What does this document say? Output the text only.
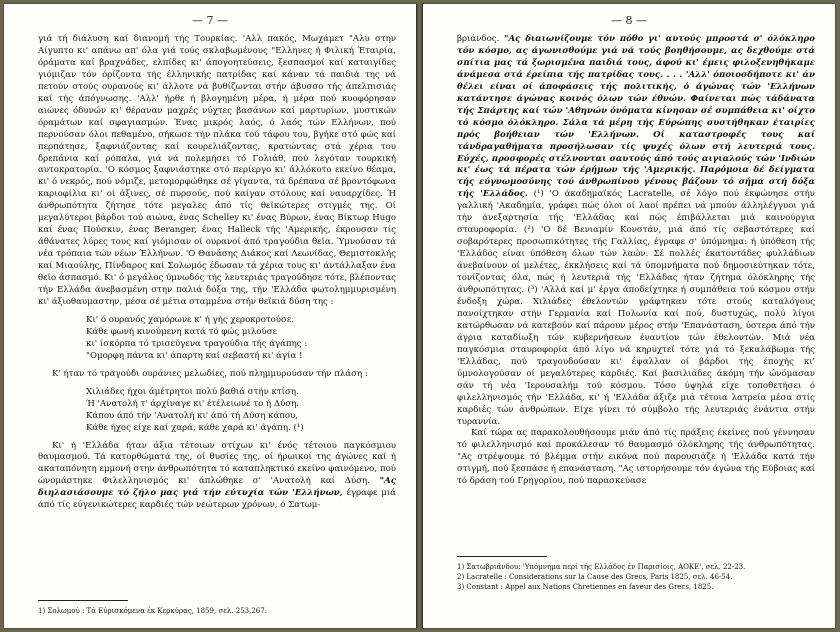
— 7 —

γιά τή διάλυση καί διανομή τής Τουρκίας. 'Αλλ πακός, Μωχάμετ "Αλυ στην Αίγυπτο κι' απάνω απ' όλα γιά τούς σκλαβωμένους "Ελληνες ή Φιλική Έταιρία, όράματα καί βραχνάδες, ελπίδες κι' άπογοητεύσεις, ξεσπασμοί καί καταιγίδες γιόμιζαν τόν όρίζοντα τής έλληνικής πατρίδας καί κάναν τά παιδιά της νά πετούν στούς ουρανούς κι' άλλοτε νά βυθίζωνται στήν άβυσσο τής άπελπισιάς καί τής άπόγνωσης. 'Αλλ' ήρθε ή βλογημένη μέρα, ή μέρα πού κυοφόρησαν αιώνες όδυνών κι' θέραναν μαχρές νύχτες βασάνων καί μαρτυρίων, μυστικών όραμάτων καί σφαγιασμών. Ένας μικρός λαός, ό λαός τών Ελλήνων, πού περνούσαν όλοι πεθαμένο, σήκωσε τήν πλάκα τού τάφου του, βγήκε στό φώς καί περπάτησε, ξαφνιάζοντας καί κουρελιάζοντας, κρατώντας στά χέρια του δρεπάνια καί ρόπαλα, γιά νά πολεμήσει τό Γολιάθ, πού λεγόταν τουρκική αυτοκρατορία. 'Ο κόσμος ξαφνιάστηκε στό περίεργο κι' άλλόκοτο εκείνο θέαμα, κι' ό νεκρός, πού νόμιζε, μετομορφώθηκε σέ γίγαντα, τά δρέπανα σέ βροντόφωνα καριοφίλια κι' οί άξινες, σέ πυρσούς, πού καίγαν στόλους καί ναυαρχίδες. Ή άνθρωπότητα ζήτησε τότε μεγαλες άπό τίς θεϊκώτερες στιγμές της. Οί μεγαλύτεροι βάρδοι τού αιώνα, ένας Schelley κι' ένας Βύρων, ένας Βίκτωρ Hugo καί ένας Πούσκιν, ένας Beranger, ένας Halleck τής 'Αμερικής, έκρουσαν τίς άθάνατες λύρες τους καί γιόμισαν οί ουρανοί άπό τραγούδια θεϊα. Ύμνούσαν τά νέα τρόπαια τών νέων Έλλήνων. 'Ο Θανάσης Διάκος καί Λεωνίδας, Θεμιστοκλής καί Μιαούλης, Πίνδαρος καί Σολωμός έδωσαν τά χέρια τους κι' άντάλλαξαν ένα θεϊο άσπασμό. Κι' ό μεγάλος ύμνωδός τής λευτεριάς τραγούδησε τότε, βλέποντας τήν Ελλάδα άνεβασμένη στην παλιά δόξα της, τήν 'Ελλάδα φωτολημμυρισμένη κι' άξιοθαυμαστην, μέσα σέ μέτια σταμμένα στήν θεϊκιά δύση της :

Κι' ό ουρανός χαμόρωνε κ' ή γής χεροκροτούσε.
Κάθε φωνή κινούμενη κατά τό φώς μιλούσε
κι' ίσκόρπα τό τρισεύγενα τραγούδια τής άγάπης :
"Ομορφη πάντα κι' άπαρτη καί σεβαστή κι' άγία !

Κ' ήταν τό τραγούδι ουράνιες μελωδίες, πού πλημμυρούσαν τήν πλάση :

Χιλιάδες ήχοι άμέτρητοι πολύ βαθιά στήν κτίση.
Ή 'Ανατολή τ' άρχίναγε κι' έτέλειωνέ το ή Δύση.
Κάπου άπό τήν 'Ανατολή κι' άπό τή Δύση κάπου,
Κάθε ήχος είχε καί χαρά, κάθε χαρά κι' άγάπη. (¹)

Κι' ή 'Ελλάδα ήταν άξια τέτοιων στίχων κι' ένός τέτοιου παγκόσμιου θαυμασμού. Τά κατορθώματά της, οί θυσίες της, οί ήρωικοί της άγώνες καί ή ακαταπόνητη εμμονή στην άνθρωπότητα τό καταπληκτικό εκείνο φαινόμενο, πού ώνομάστηκε Φιλελληνισμός κι' άπλώθηκε σ' 'Ανατολή καί Δύση. "Ας διηλασιάσουμε τό ζήλο μας γιά τήν εύτυχία τών 'Ελλήνων, έγραφε μιά άπό τίς εύγενικώτερες καρδιές τών νεώτερων χρόνων, ό Σατωμ-

1) Σολωμού : Τά Εύρισκόμενα έκ Κερκύρας, 1859, σελ. 253,267.
— 8 —

βριάνδος. "Ας διαιωνίζουμε τόν πόθο γι' αυτούς μπροστά σ' όλόκληρο τόν κόσμο, ας άγωνισθούμε γιά νά τούς βοηθήσουμε, ας δεχθούμε στά σπίτια μας τά ξωρισμένα παιδιά τους, άφού κι' έμεις φιλοξενηθήκαμε άνάμεσα στά έρείπια τής πατρίδας τους. . . . 'Αλλ' όποιοσδήποτε κι' άν θέλει είναι οί άποφάσεις τής πολιτικής, ό άγώνας τών 'Ελλήνων κατάντησε άγώνας κοινός όλων τών έθνών. Φαίνεται πώς τάδάνατα τής Σπάρτης καί τών 'Αθηνών όνόματα κίνησαν σέ συμπάθεια κι' οίχτο τό κόσμο όλόκληρο. Σάλα τά μέρη τής Εύρώπης συστήθηκαν έταιρίες πρός βοήθειαν τών 'Ελλήνων. Οί καταστροφές τους καί τάνδραγαθήματα προσήλωσαν τίς ψυχές όλων στή λευτεριά τους. Εύχές, προσφορές στέλνονται σαυτούς άπό τούς αιγιαλούς τών 'Ινδιών κι' έως τά πέρατα τών έρήμων τής 'Αμερικής. Παρόμοια δέ δείγματα τής εύγνωμοσύνης τού άνθρωπίνου γένους βάζουν τό σήμα στή δόξα τής 'Ελλάδος. (¹) 'Ο άκαδημαϊκός Lacratelle, σέ λόγο πού έκφώνησε στήν γαλλική 'Ακαδημία, γράφει πώς όλοι οί λαοί πρέπει νά μπούν άλληλέγγυοι γιά τήν άνεξαρτησία τής 'Ελλάδας καί πώς έπιβάλλεται μιά καινούργια σταυροφορία. (²) 'Ο δέ Βενιαμίν Κονστάν, μιά άπό τίς σεβαστότερες καί σοβαρότερες προσωπικότητες τής Γαλλίας, έγραφε σ' ύπόμνημα: ή ύπόθεση τής 'Ελλάδος είναι ύπόθεση όλων τών λαών. Σέ πολλές έκατοντάδες φυλλάδιων άνεβαίνουν οί μελέτες, έκκλήσεις καί τά ύπομνήματα πού δημοσιεύτηκαν τότε, τονίζοντας όλα, πώς ή λευτεριά τής 'Ελλάδας ήταν ζήτημα όλόκληρης τής άνθρωπότητας. (³) 'Αλλά καί μ' έργα άποδείχτηκε ή συμπάθεια τού κόσμου στήν ένδοξη χώρα. Χιλιάδες έθελοντών γράφτηκαν τότε στούς καταλόγους πανοίχτηκαν στήν Γερμανία καί Πολωνία καί πού, δυστυχώς, πολύ λίγοι κατώρθωσαν νά κατεβούν καί πάρουν μέρος στήν 'Επανάσταση, ύστερα άπό τήν άγρια καταδίωξη τών κυβερνήσεων έναντίον τών έθελοντών. Μιά νέα παγκόσμια σταυροφορία άπό λίγο νά κηρυχτεί τότε γιά τό ξεκαλάβωμα τής 'Ελλάδας, πού τραγουδούσαν κι' έψαλλαν οί βάρδοι τής έποχής κι' ύμνολογούσαν οί μεγαλύτερες καρδιές. Καί βασιλιάδες άκόμη τήν ώνόμασαν σάν τή νέα 'Ιερουσαλήμ τού κόσμου. Τόσο ύψηλά είχε τοποθετήσει ό φιλελληνισμός τήν 'Ελλάδα, κι' ή 'Ελλάδα άξιζε μιά τέτοια λατρεία μέσα στίς καρδιές τών άνθρώπων. Είχε γίνει τό σύμβολο τής λευτεριάς ένάντια στήν τυραννία.

Καί τώρα ας παρακολουθήσουμε μιάν άπό τίς πράξεις έκείνες πού γέννησαν τό φιλελληνισμό καί προκάλεσαν τό θαυμασμό όλόκληρης τής άνθρωπότητας. "Ας στρέψουμε τό βλέμμα στήν εικόνα πού παρουσιάζε ή 'Ελλάδα κατά τήν στιγμή, πού ξεσπάσε ή επανάσταση. "Ας ιστορήσουμε τόν άγώνα τής Εύβοιας καί τό δράση τού Γρηγορίου, πού παρασκεύασε

1) Σατωβριάνδου: 'Υπόμνημα περί τής Ελλάδος έν Παρισίοις, ΑΟΚΕ', σελ. 22-23.
2) Lacratelle : Considerations sur la Cause des Grecs, Paris 1825, σελ. 46-54.
3) Constant : Appel aux Nations Chretiennes en faveur des Grecs, 1825.
